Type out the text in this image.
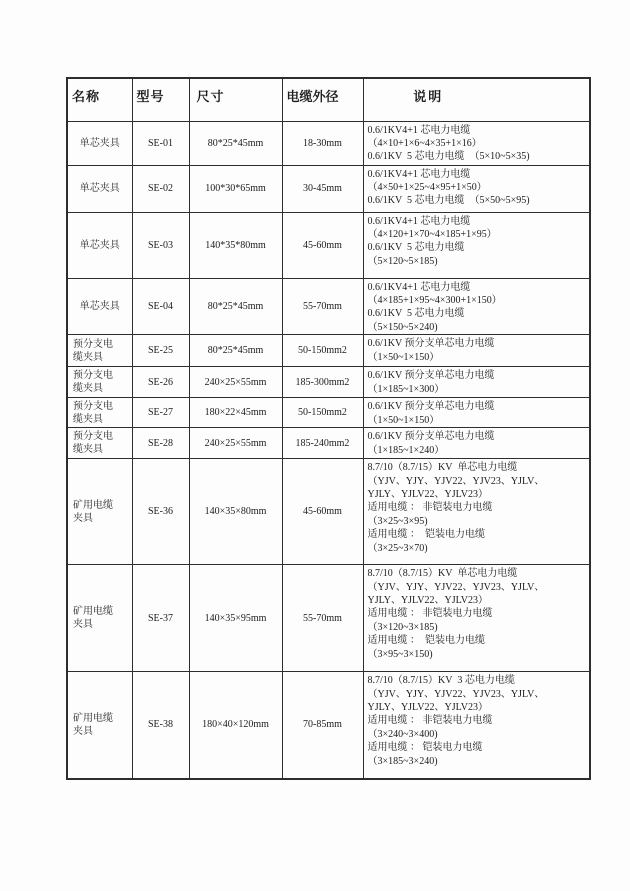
名称	型号	尺寸	电缆外径	说明

单芯夹具	SE-01	80*25*45mm	18-30mm	0.6/1KV4+1 芯电力电缆
（4×10+1×6~4×35+1×16）
0.6/1KV  5 芯电力电缆  （5×10~5×35)

单芯夹具	SE-02	100*30*65mm	30-45mm	0.6/1KV4+1 芯电力电缆
（4×50+1×25~4×95+1×50）
0.6/1KV  5 芯电力电缆  （5×50~5×95)

单芯夹具	SE-03	140*35*80mm	45-60mm	0.6/1KV4+1 芯电力电缆
（4×120+1×70~4×185+1×95）
0.6/1KV  5 芯电力电缆
（5×120~5×185)

单芯夹具	SE-04	80*25*45mm	55-70mm	0.6/1KV4+1 芯电力电缆
（4×185+1×95~4×300+1×150）
0.6/1KV  5 芯电力电缆
（5×150~5×240)

预分支电
缆夹具
	SE-25	80*25*45mm	50-150mm2	
0.6/1KV 预分支单芯电力电缆
（1×50~1×150）

预分支电
缆夹具
	SE-26	240×25×55mm	185-300mm2	
0.6/1KV 预分支单芯电力电缆
（1×185~1×300）

预分支电
缆夹具
	SE-27	180×22×45mm	50-150mm2	
0.6/1KV 预分支单芯电力电缆
（1×50~1×150）

预分支电
缆夹具
	SE-28	240×25×55mm	185-240mm2	
0.6/1KV 预分支单芯电力电缆
（1×185~1×240）

矿用电缆
夹具
	SE-36	140×35×80mm	45-60mm	
8.7/10（8.7/15）KV  单芯电力电缆
（YJV、YJY、YJV22、YJV23、YJLV、
YJLY、YJLV22、YJLV23）
适用电缆 ： 非铠装电力电缆
（3×25~3×95)
适用电缆 ：  铠装电力电缆
（3×25~3×70)

矿用电缆
夹具
	SE-37	140×35×95mm	55-70mm	
8.7/10（8.7/15）KV  单芯电力电缆
（YJV、YJY、YJV22、YJV23、YJLV、
YJLY、YJLV22、YJLV23）
适用电缆 ： 非铠装电力电缆
（3×120~3×185)
适用电缆 ：  铠装电力电缆
（3×95~3×150)

矿用电缆
夹具
	SE-38	180×40×120mm	70-85mm	
8.7/10（8.7/15）KV  3 芯电力电缆
（YJV、YJY、YJV22、YJV23、YJLV、
YJLY、YJLV22、YJLV23）
适用电缆 ： 非铠装电力电缆
（3×240~3×400)
适用电缆 ： 铠装电力电缆
（3×185~3×240)
